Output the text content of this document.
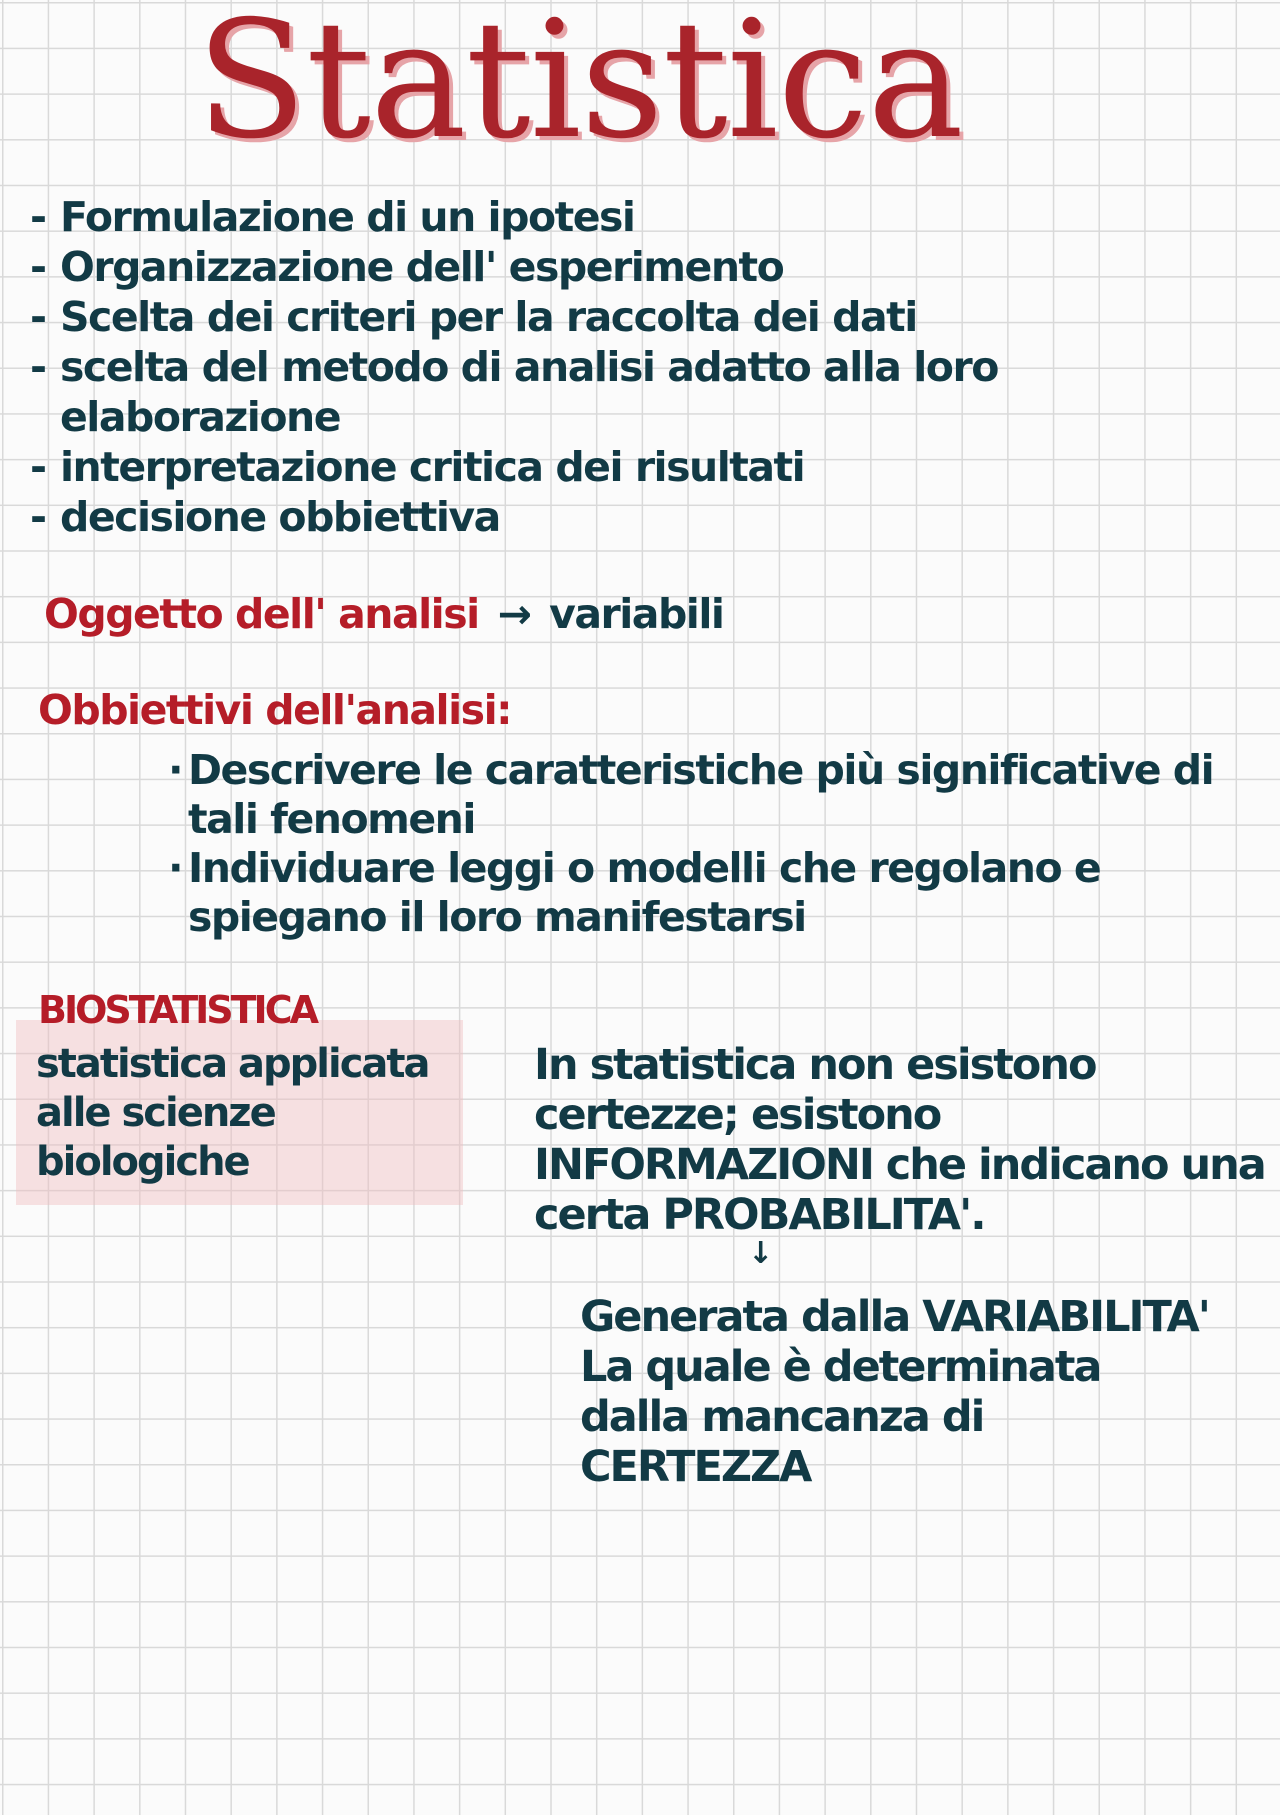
Statistica
- Formulazione di un ipotesi
- Organizzazione dell' esperimento
- Scelta dei criteri per la raccolta dei dati
- scelta del metodo di analisi adatto alla loro elaborazione
- interpretazione critica dei risultati
- decisione obbiettiva
Oggetto dell' analisi → variabili
Obbiettivi dell'analisi:
· Descrivere le caratteristiche più significative di tali fenomeni
· Individuare leggi o modelli che regolano e spiegano il loro manifestarsi
BIOSTATISTICA

statistica applicata
alle scienze
biologiche

In statistica non esistono
certezze; esistono
INFORMAZIONI che indicano una
certa PROBABILITA'.

↓

Generata dalla VARIABILITA'
La quale è determinata
dalla mancanza di
CERTEZZA
